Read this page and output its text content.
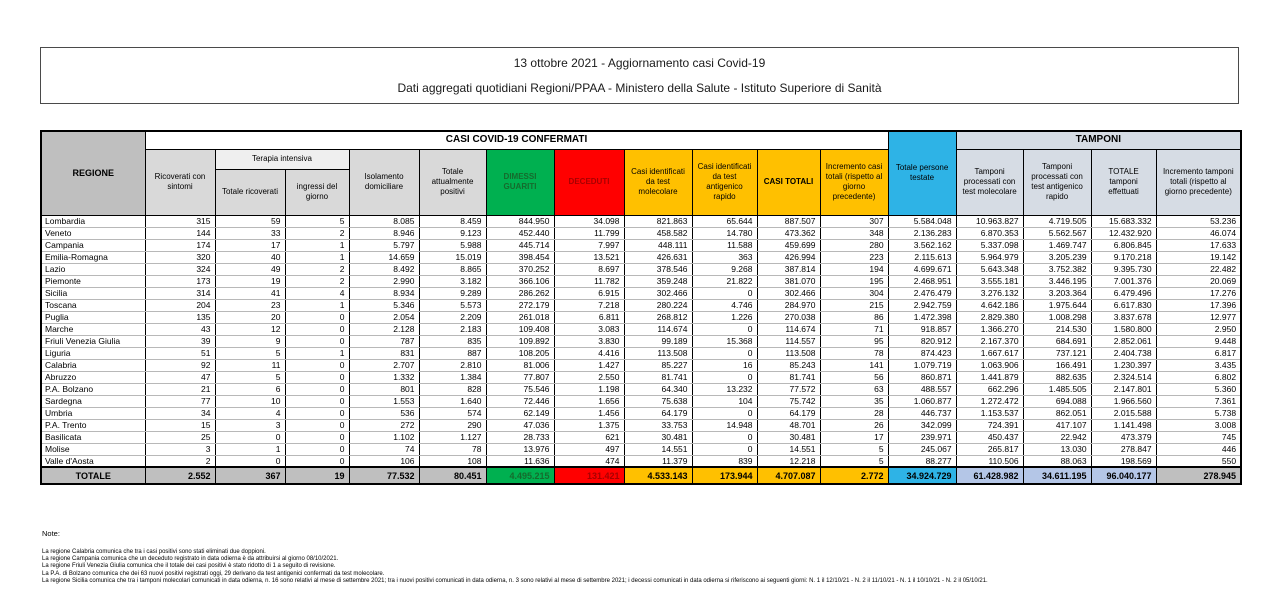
13 ottobre 2021 - Aggiornamento casi Covid-19
Dati aggregati quotidiani Regioni/PPAA - Ministero della Salute - Istituto Superiore di Sanità
REGIONE	CASI COVID-19 CONFERMATI											Totale persone testate	TAMPONI			
	Ricoverati con sintomi	Terapia intensiva		Isolamento domiciliare	Totale attualmente positivi	DIMESSI GUARITI	DECEDUTI	Casi identificati da test molecolare	Casi identificati da test antigenico rapido	CASI TOTALI	Incremento casi totali (rispetto al giorno precedente)		Tamponi processati con test molecolare	Tamponi processati con test antigenico rapido	TOTALE tamponi effettuati	Incremento tamponi totali (rispetto al giorno precedente)
		Totale ricoverati	ingressi del giorno													
Lombardia	315	59	5	8.085	8.459	844.950	34.098	821.863	65.644	887.507	307	5.584.048	10.963.827	4.719.505	15.683.332	53.236
Veneto	144	33	2	8.946	9.123	452.440	11.799	458.582	14.780	473.362	348	2.136.283	6.870.353	5.562.567	12.432.920	46.074
Campania	174	17	1	5.797	5.988	445.714	7.997	448.111	11.588	459.699	280	3.562.162	5.337.098	1.469.747	6.806.845	17.633
Emilia-Romagna	320	40	1	14.659	15.019	398.454	13.521	426.631	363	426.994	223	2.115.613	5.964.979	3.205.239	9.170.218	19.142
Lazio	324	49	2	8.492	8.865	370.252	8.697	378.546	9.268	387.814	194	4.699.671	5.643.348	3.752.382	9.395.730	22.482
Piemonte	173	19	2	2.990	3.182	366.106	11.782	359.248	21.822	381.070	195	2.468.951	3.555.181	3.446.195	7.001.376	20.069
Sicilia	314	41	4	8.934	9.289	286.262	6.915	302.466	0	302.466	304	2.476.479	3.276.132	3.203.364	6.479.496	17.276
Toscana	204	23	1	5.346	5.573	272.179	7.218	280.224	4.746	284.970	215	2.942.759	4.642.186	1.975.644	6.617.830	17.396
Puglia	135	20	0	2.054	2.209	261.018	6.811	268.812	1.226	270.038	86	1.472.398	2.829.380	1.008.298	3.837.678	12.977
Marche	43	12	0	2.128	2.183	109.408	3.083	114.674	0	114.674	71	918.857	1.366.270	214.530	1.580.800	2.950
Friuli Venezia Giulia	39	9	0	787	835	109.892	3.830	99.189	15.368	114.557	95	820.912	2.167.370	684.691	2.852.061	9.448
Liguria	51	5	1	831	887	108.205	4.416	113.508	0	113.508	78	874.423	1.667.617	737.121	2.404.738	6.817
Calabria	92	11	0	2.707	2.810	81.006	1.427	85.227	16	85.243	141	1.079.719	1.063.906	166.491	1.230.397	3.435
Abruzzo	47	5	0	1.332	1.384	77.807	2.550	81.741	0	81.741	56	860.871	1.441.879	882.635	2.324.514	6.802
P.A. Bolzano	21	6	0	801	828	75.546	1.198	64.340	13.232	77.572	63	488.557	662.296	1.485.505	2.147.801	5.360
Sardegna	77	10	0	1.553	1.640	72.446	1.656	75.638	104	75.742	35	1.060.877	1.272.472	694.088	1.966.560	7.361
Umbria	34	4	0	536	574	62.149	1.456	64.179	0	64.179	28	446.737	1.153.537	862.051	2.015.588	5.738
P.A. Trento	15	3	0	272	290	47.036	1.375	33.753	14.948	48.701	26	342.099	724.391	417.107	1.141.498	3.008
Basilicata	25	0	0	1.102	1.127	28.733	621	30.481	0	30.481	17	239.971	450.437	22.942	473.379	745
Molise	3	1	0	74	78	13.976	497	14.551	0	14.551	5	245.067	265.817	13.030	278.847	446
Valle d'Aosta	2	0	0	106	108	11.636	474	11.379	839	12.218	5	88.277	110.506	88.063	198.569	550
TOTALE	2.552	367	19	77.532	80.451	4.495.215	131.421	4.533.143	173.944	4.707.087	2.772	34.924.729	61.428.982	34.611.195	96.040.177	278.945
Note:
La regione Calabria comunica che tra i casi positivi sono stati eliminati due doppioni.
La regione Campania comunica che un deceduto registrato in data odierna è da attribuirsi al giorno 08/10/2021.
La regione Friuli Venezia Giulia comunica che il totale dei casi positivi è stato ridotto di 1 a seguito di revisione.
La P.A. di Bolzano comunica che dei 63 nuovi positivi registrati oggi, 29 derivano da test antigenici confermati da test molecolare.
La regione Sicilia comunica che tra i tamponi molecolari comunicati in data odierna, n. 16 sono relativi al mese di settembre 2021; tra i nuovi positivi comunicati in data odierna, n. 3 sono relativi al mese di settembre 2021; i decessi comunicati in data odierna si riferiscono ai seguenti giorni: N. 1 il 12/10/21 - N. 2 il 11/10/21 - N. 1 il 10/10/21 - N. 2 il 05/10/21.
